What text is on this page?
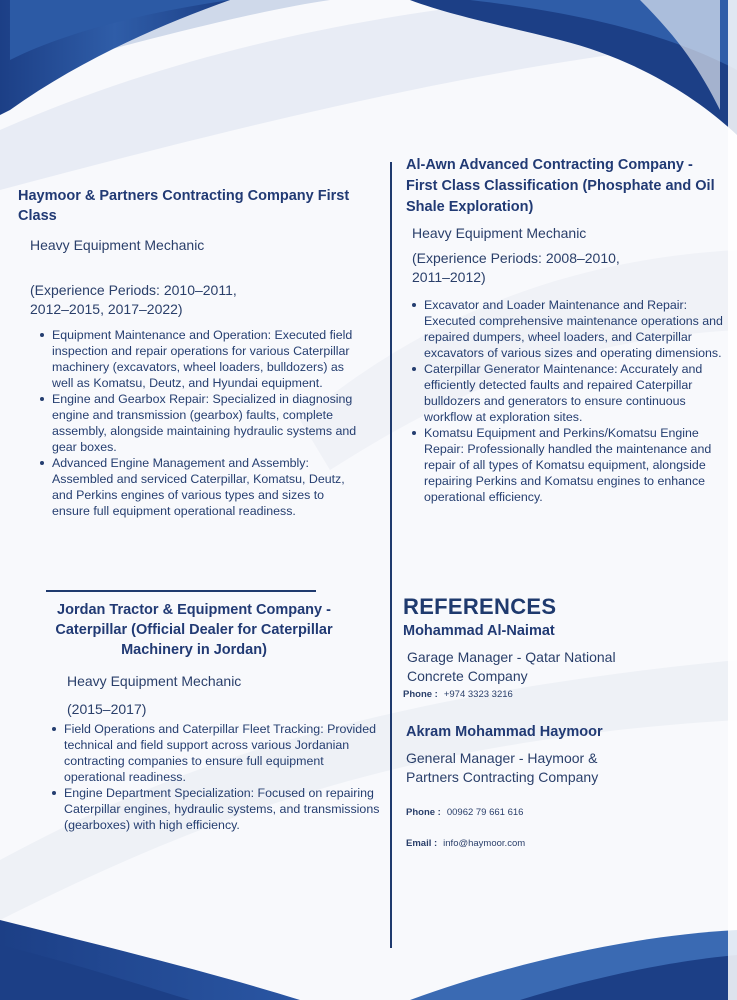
Haymoor & Partners Contracting Company First Class
Heavy Equipment Mechanic
(Experience Periods: 2010–2011, 2012–2015, 2017–2022)
Equipment Maintenance and Operation: Executed field inspection and repair operations for various Caterpillar machinery (excavators, wheel loaders, bulldozers) as well as Komatsu, Deutz, and Hyundai equipment.
Engine and Gearbox Repair: Specialized in diagnosing engine and transmission (gearbox) faults, complete assembly, alongside maintaining hydraulic systems and gear boxes.
Advanced Engine Management and Assembly: Assembled and serviced Caterpillar, Komatsu, Deutz, and Perkins engines of various types and sizes to ensure full equipment operational readiness.
Jordan Tractor & Equipment Company - Caterpillar (Official Dealer for Caterpillar Machinery in Jordan)
Heavy Equipment Mechanic
(2015–2017)
Field Operations and Caterpillar Fleet Tracking: Provided technical and field support across various Jordanian contracting companies to ensure full equipment operational readiness.
Engine Department Specialization: Focused on repairing Caterpillar engines, hydraulic systems, and transmissions (gearboxes) with high efficiency.
Al-Awn Advanced Contracting Company - First Class Classification (Phosphate and Oil Shale Exploration)
Heavy Equipment Mechanic
(Experience Periods: 2008–2010, 2011–2012)
Excavator and Loader Maintenance and Repair: Executed comprehensive maintenance operations and repaired dumpers, wheel loaders, and Caterpillar excavators of various sizes and operating dimensions.
Caterpillar Generator Maintenance: Accurately and efficiently detected faults and repaired Caterpillar bulldozers and generators to ensure continuous workflow at exploration sites.
Komatsu Equipment and Perkins/Komatsu Engine Repair: Professionally handled the maintenance and repair of all types of Komatsu equipment, alongside repairing Perkins and Komatsu engines to enhance operational efficiency.
REFERENCES
Mohammad Al-Naimat
Garage Manager - Qatar National Concrete Company
Phone : +974 3323 3216
Akram Mohammad Haymoor
General Manager - Haymoor & Partners Contracting Company
Phone : 00962 79 661 616
Email : info@haymoor.com
